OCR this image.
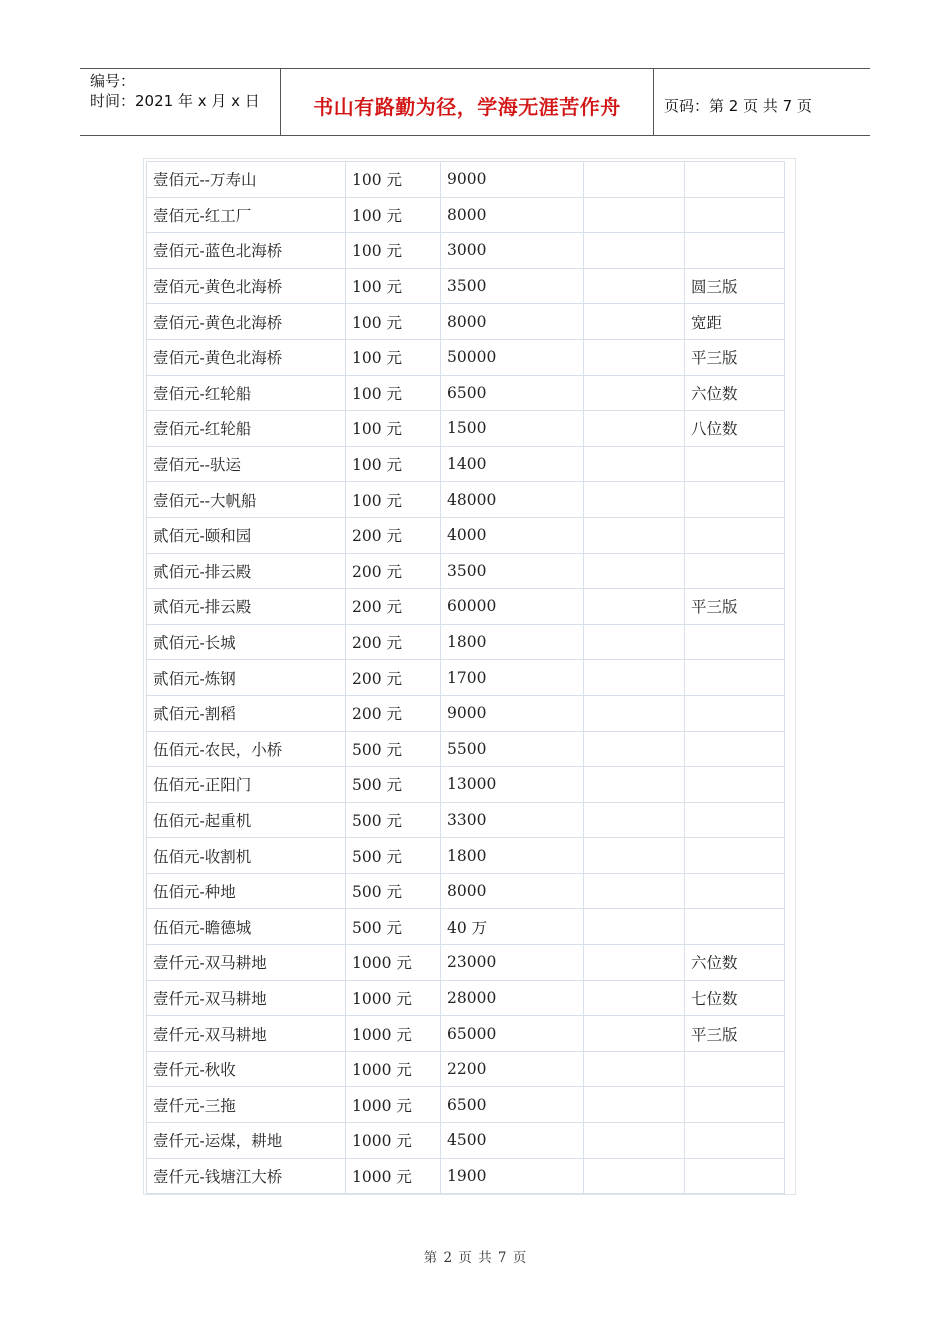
编号：
时间：2021 年 x 月 x 日	书山有路勤为径，学海无涯苦作舟	页码：第 2 页 共 7 页
壹佰元--万寿山	100 元	9000		
壹佰元-红工厂	100 元	8000		
壹佰元-蓝色北海桥	100 元	3000		
壹佰元-黄色北海桥	100 元	3500		圆三版
壹佰元-黄色北海桥	100 元	8000		宽距
壹佰元-黄色北海桥	100 元	50000		平三版
壹佰元-红轮船	100 元	6500		六位数
壹佰元-红轮船	100 元	1500		八位数
壹佰元--驮运	100 元	1400		
壹佰元--大帆船	100 元	48000		
贰佰元-颐和园	200 元	4000		
贰佰元-排云殿	200 元	3500		
贰佰元-排云殿	200 元	60000		平三版
贰佰元-长城	200 元	1800		
贰佰元-炼钢	200 元	1700		
贰佰元-割稻	200 元	9000		
伍佰元-农民，小桥	500 元	5500		
伍佰元-正阳门	500 元	13000		
伍佰元-起重机	500 元	3300		
伍佰元-收割机	500 元	1800		
伍佰元-种地	500 元	8000		
伍佰元-瞻德城	500 元	40 万		
壹仟元-双马耕地	1000 元	23000		六位数
壹仟元-双马耕地	1000 元	28000		七位数
壹仟元-双马耕地	1000 元	65000		平三版
壹仟元-秋收	1000 元	2200		
壹仟元-三拖	1000 元	6500		
壹仟元-运煤，耕地	1000 元	4500		
壹仟元-钱塘江大桥	1000 元	1900		
第 2 页 共 7 页
